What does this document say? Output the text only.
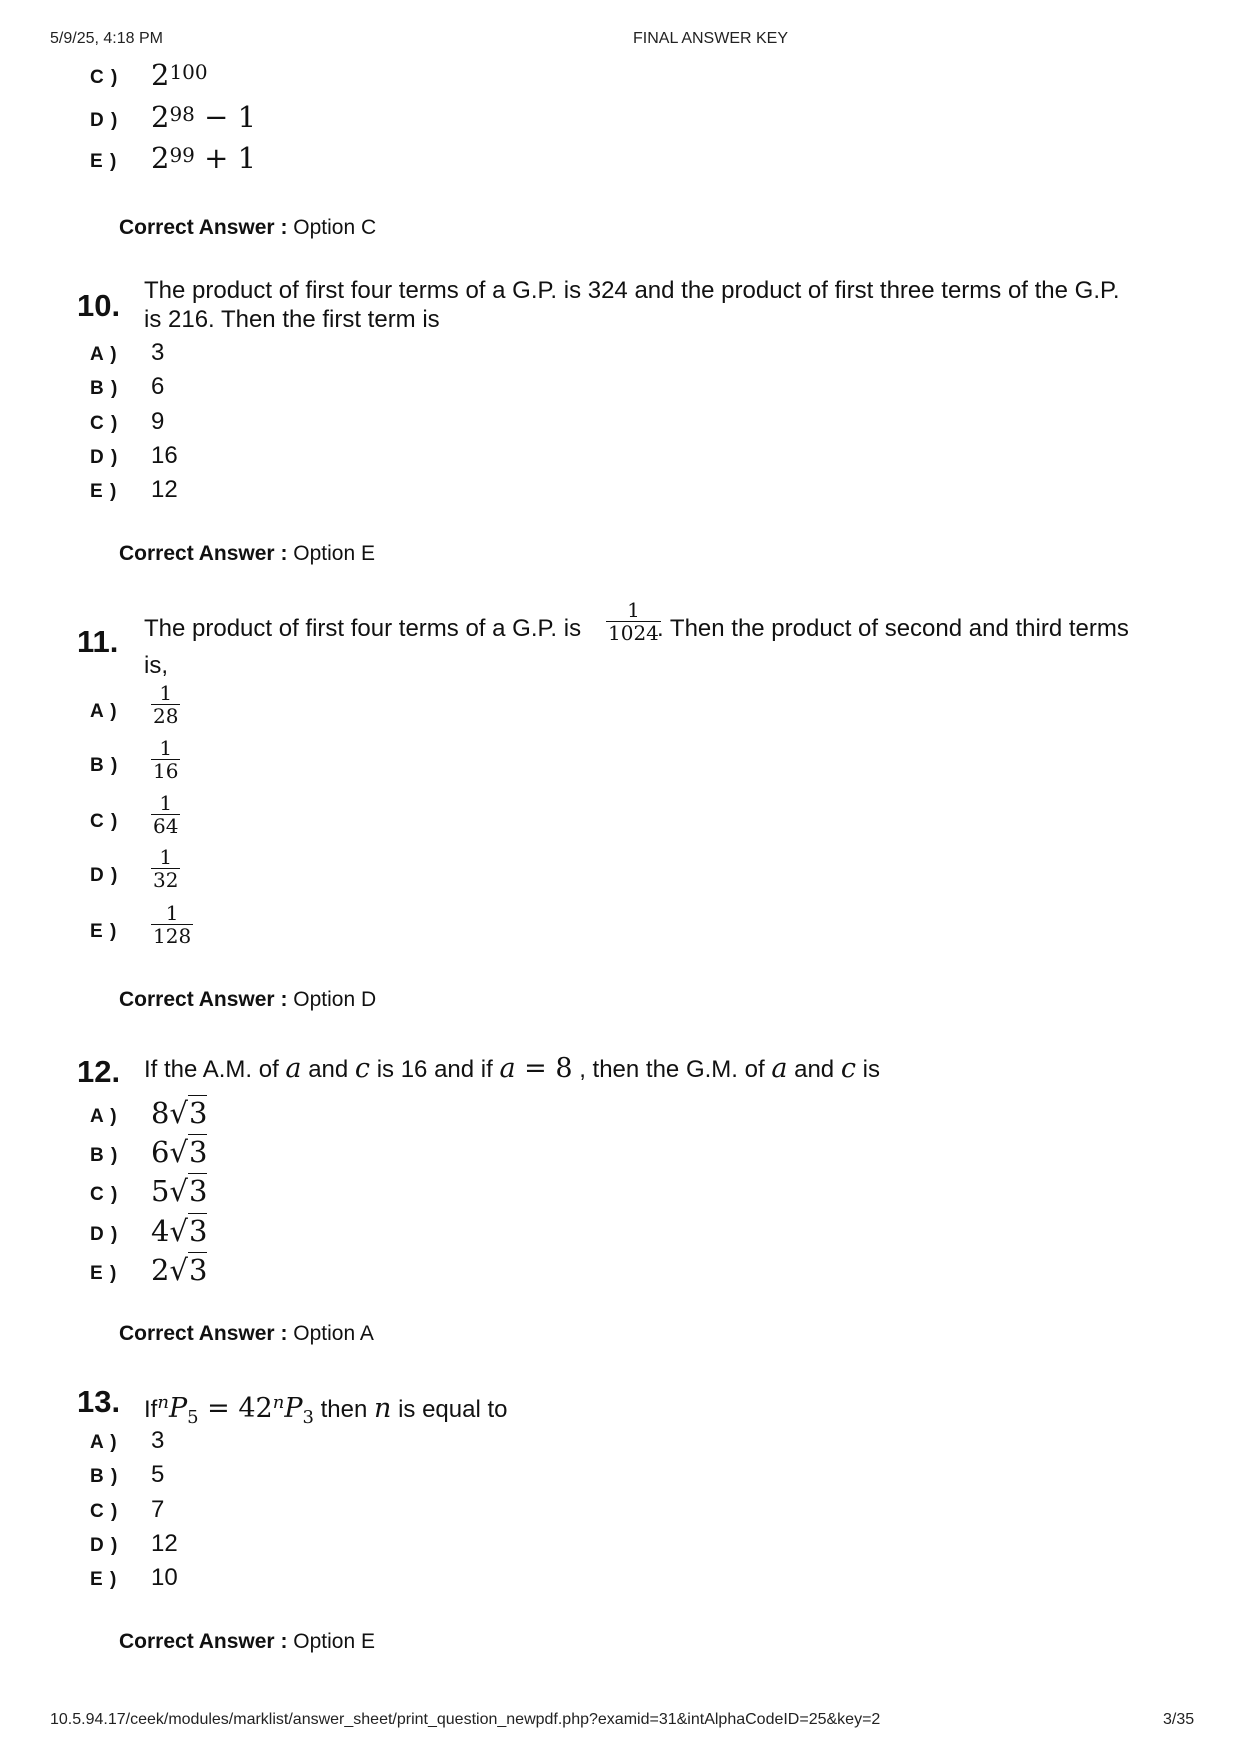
5/9/25, 4:18 PM	FINAL ANSWER KEY
C ) $2^{100}$
D ) $2^{98} - 1$
E ) $2^{99} + 1$
Correct Answer : Option C
10. The product of first four terms of a G.P. is 324 and the product of first three terms of the G.P.
is 216. Then the first term is
A ) 3
B ) 6
C ) 9
D ) 16
E ) 12
Correct Answer : Option E
11. The product of first four terms of a G.P. is
1
1024
. Then the product of second and third terms
is,
A )
1
28
B )
1
16
C )
1
64
D )
1
32
E )
1
128
Correct Answer : Option D
12. If the A.M. of a and c is 16 and if a = 8 , then the G.M. of a and c is
A ) 8√3
B ) 6√3
C ) 5√3
D ) 4√3
E ) 2√3
Correct Answer : Option A
13. $If^nP_5 = 42^nP_3$ then n is equal to
A ) 3
B ) 5
C ) 7
D ) 12
E ) 10
Correct Answer : Option E
10.5.94.17/ceek/modules/marklist/answer_sheet/print_question_newpdf.php?examid=31&intAlphaCodeID=25&key=2	3/35
